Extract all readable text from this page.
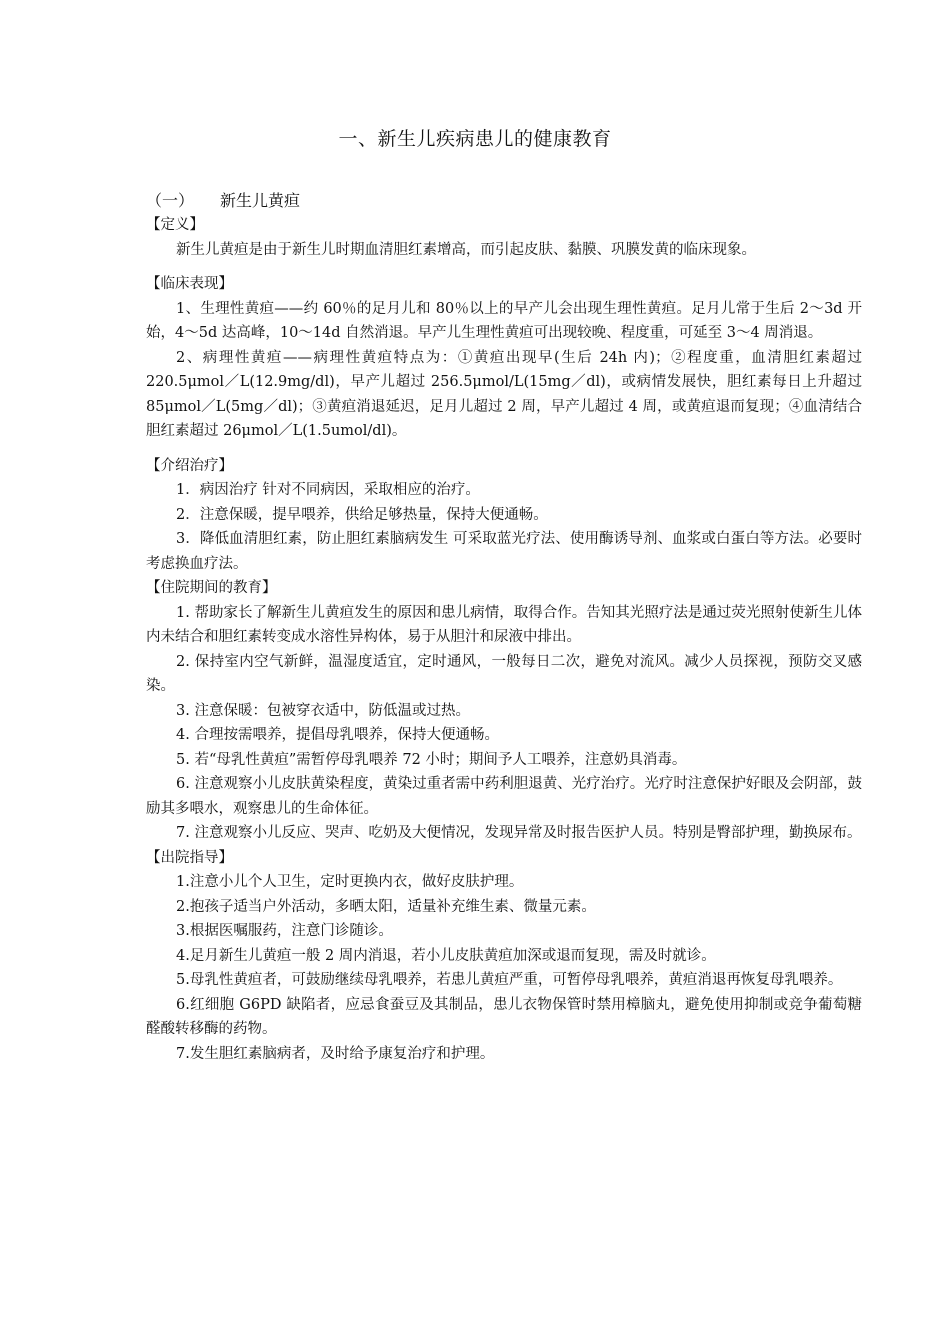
一、新生儿疾病患儿的健康教育
（一） 新生儿黄疸
【定义】
新生儿黄疸是由于新生儿时期血清胆红素增高，而引起皮肤、黏膜、巩膜发黄的临床现象。
【临床表现】
1、生理性黄疸——约 60％的足月儿和 80％以上的早产儿会出现生理性黄疸。足月儿常于生后 2～3d 开始，4～5d 达高峰，10～14d 自然消退。早产儿生理性黄疸可出现较晚、程度重，可延至 3～4 周消退。
2、病理性黄疸——病理性黄疸特点为：①黄疸出现早(生后 24h 内)；②程度重，血清胆红素超过 220.5μmol／L(12.9mg/dl)，早产儿超过 256.5μmol/L(15mg／dl)，或病情发展快，胆红素每日上升超过 85μmol／L(5mg／dl)；③黄疸消退延迟，足月儿超过 2 周，早产儿超过 4 周，或黄疸退而复现；④血清结合胆红素超过 26μmol／L(1.5umol/dl)。
【介绍治疗】
1．病因治疗 针对不同病因，采取相应的治疗。
2．注意保暖，提早喂养，供给足够热量，保持大便通畅。
3．降低血清胆红素，防止胆红素脑病发生 可采取蓝光疗法、使用酶诱导剂、血浆或白蛋白等方法。必要时考虑换血疗法。
【住院期间的教育】
1. 帮助家长了解新生儿黄疸发生的原因和患儿病情，取得合作。告知其光照疗法是通过荧光照射使新生儿体内未结合和胆红素转变成水溶性异构体，易于从胆汁和尿液中排出。
2. 保持室内空气新鲜，温湿度适宜，定时通风，一般每日二次，避免对流风。减少人员探视，预防交叉感染。
3. 注意保暖：包被穿衣适中，防低温或过热。
4. 合理按需喂养，提倡母乳喂养，保持大便通畅。
5. 若“母乳性黄疸”需暂停母乳喂养 72 小时；期间予人工喂养，注意奶具消毒。
6. 注意观察小儿皮肤黄染程度，黄染过重者需中药利胆退黄、光疗治疗。光疗时注意保护好眼及会阴部，鼓励其多喂水，观察患儿的生命体征。
7. 注意观察小儿反应、哭声、吃奶及大便情况，发现异常及时报告医护人员。特别是臀部护理，勤换尿布。
【出院指导】
1.注意小儿个人卫生，定时更换内衣，做好皮肤护理。
2.抱孩子适当户外活动，多晒太阳，适量补充维生素、微量元素。
3.根据医嘱服药，注意门诊随诊。
4.足月新生儿黄疸一般 2 周内消退，若小儿皮肤黄疸加深或退而复现，需及时就诊。
5.母乳性黄疸者，可鼓励继续母乳喂养，若患儿黄疸严重，可暂停母乳喂养，黄疸消退再恢复母乳喂养。
6.红细胞 G6PD 缺陷者，应忌食蚕豆及其制品，患儿衣物保管时禁用樟脑丸，避免使用抑制或竞争葡萄糖醛酸转移酶的药物。
7.发生胆红素脑病者，及时给予康复治疗和护理。
